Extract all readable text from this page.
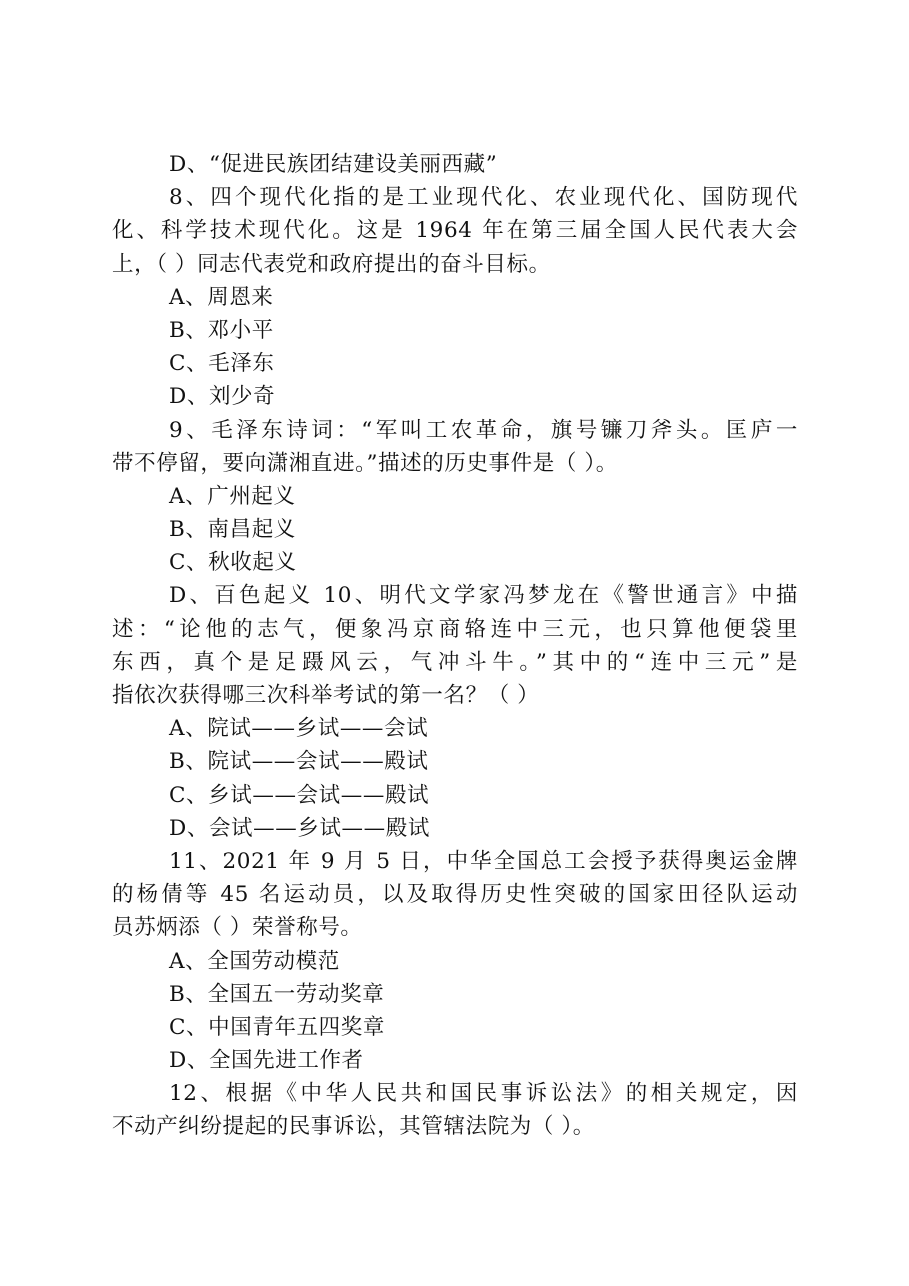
D、“促进民族团结建设美丽西藏”
8、四个现代化指的是工业现代化、农业现代化、国防现代
化、科学技术现代化。这是 1964 年在第三届全国人民代表大会
上，（ ）同志代表党和政府提出的奋斗目标。
A、周恩来
B、邓小平
C、毛泽东
D、刘少奇
9、毛泽东诗词：“军叫工农革命，旗号镰刀斧头。匡庐一
带不停留，要向潇湘直进。”描述的历史事件是（ ）。
A、广州起义
B、南昌起义
C、秋收起义
D、百色起义 10、明代文学家冯梦龙在《警世通言》中描
述：“论他的志气，便象冯京商辂连中三元，也只算他便袋里
东西，真个是足蹑风云，气冲斗牛。”其中的“连中三元”是
指依次获得哪三次科举考试的第一名？（ ）
A、院试——乡试——会试
B、院试——会试——殿试
C、乡试——会试——殿试
D、会试——乡试——殿试
11、2021 年 9 月 5 日，中华全国总工会授予获得奥运金牌
的杨倩等 45 名运动员，以及取得历史性突破的国家田径队运动
员苏炳添（ ）荣誉称号。
A、全国劳动模范
B、全国五一劳动奖章
C、中国青年五四奖章
D、全国先进工作者
12、根据《中华人民共和国民事诉讼法》的相关规定，因
不动产纠纷提起的民事诉讼，其管辖法院为（ ）。
